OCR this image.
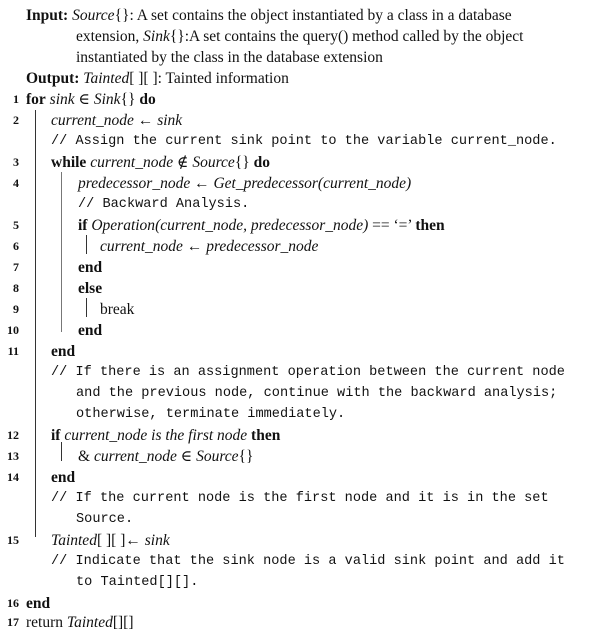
Input: Source{}: A set contains the object instantiated by a class in a database
extension, Sink{}:A set contains the query() method called by the object
instantiated by the class in the database extension
Output: Tainted[ ][ ]: Tainted information
1 for sink ∈ Sink{} do
2 current_node ← sink
// Assign the current sink point to the variable current_node.
3 while current_node ∉ Source{} do
4	predecessor_node ← Get_predecessor(current_node)
// Backward Analysis.
5	if Operation(current_node, predecessor_node) == ‘=’ then
6	current_node ← predecessor_node
7	end
8	else
9	break
10	end
11 end
// If there is an assignment operation between the current node
and the previous node, continue with the backward analysis;
otherwise, terminate immediately.
12 if current_node is the first node then
13	& current_node ∈ Source{}
14 end
// If the current node is the first node and it is in the set
Source.
15 Tainted[ ][ ]← sink
// Indicate that the sink node is a valid sink point and add it
to Tainted[][].
16 end
17 return Tainted[][]
